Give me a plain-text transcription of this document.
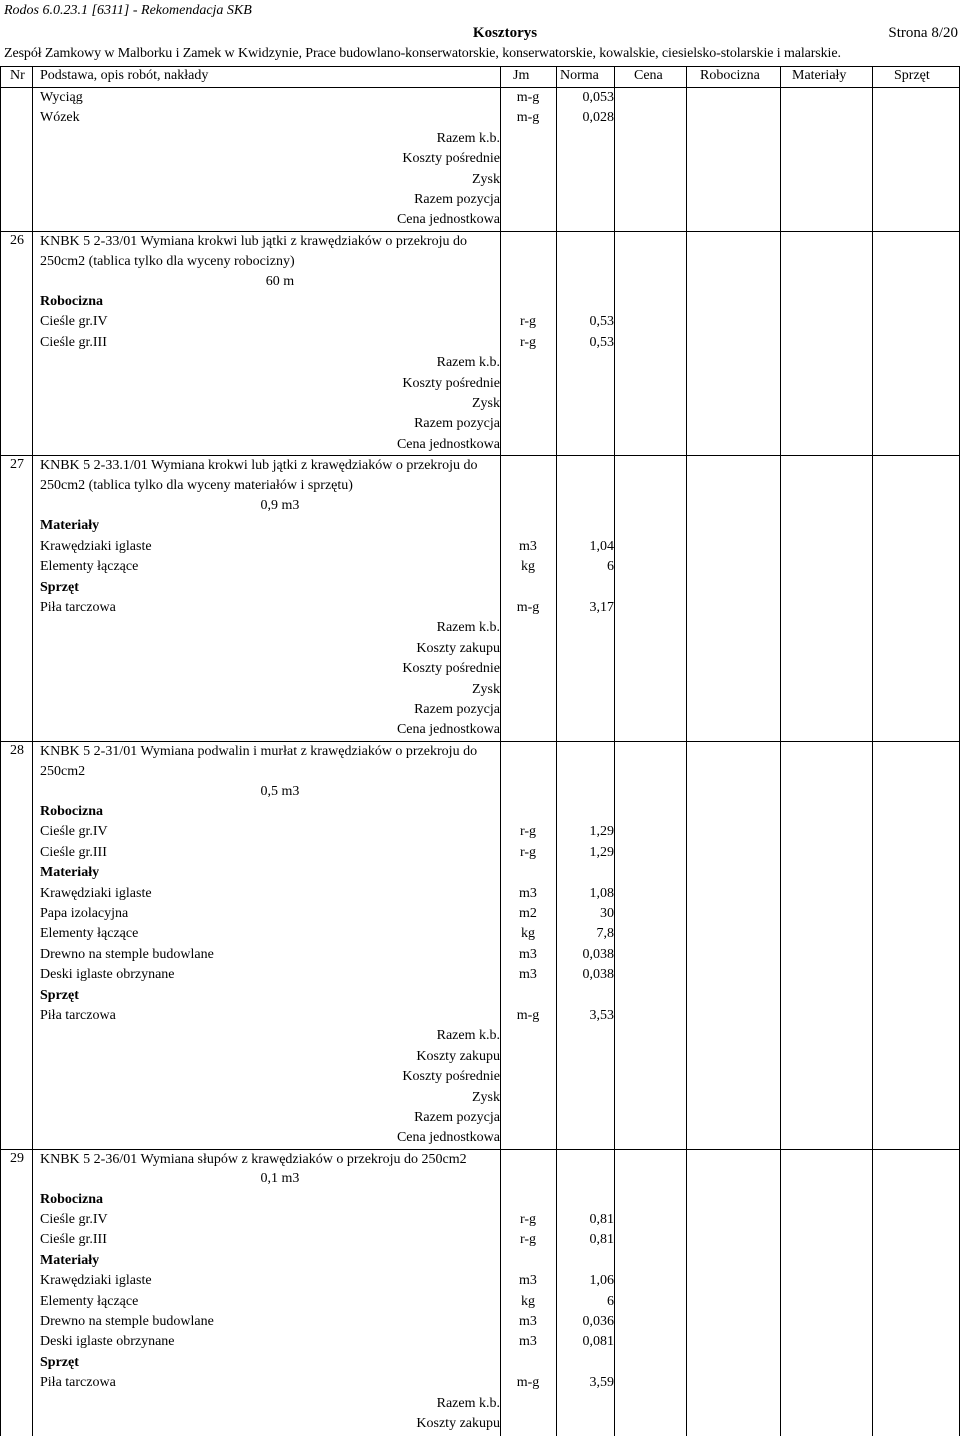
Rodos 6.0.23.1 [6311] - Rekomendacja SKB
Kosztorys	Strona 8/20
Zespół Zamkowy w Malborku i Zamek w Kwidzynie, Prace budowlano-konserwatorskie, konserwatorskie, kowalskie, ciesielsko-stolarskie i malarskie.
Nr Podstawa, opis robót, nakłady	Jm Norma	Cena	Robocizna Materiały	Sprzęt
Wyciąg	m-g	0,053
Wózek	m-g	0,028
Razem k.b.
Koszty pośrednie
Zysk
Razem pozycja
Cena jednostkowa
26 KNBK 5 2-33/01 Wymiana krokwi lub jątki z krawędziaków o przekroju do 250cm2 (tablica tylko dla wyceny robocizny)
60 m
Robocizna
Cieśle gr.IV	r-g	0,53
Cieśle gr.III	r-g	0,53
Razem k.b.
Koszty pośrednie
Zysk
Razem pozycja
Cena jednostkowa
27 KNBK 5 2-33.1/01 Wymiana krokwi lub jątki z krawędziaków o przekroju do 250cm2 (tablica tylko dla wyceny materiałów i sprzętu)
0,9 m3
Materiały
Krawędziaki iglaste	m3	1,04
Elementy łączące	kg	6
Sprzęt
Piła tarczowa	m-g	3,17
Razem k.b.
Koszty zakupu
Koszty pośrednie
Zysk
Razem pozycja
Cena jednostkowa
28 KNBK 5 2-31/01 Wymiana podwalin i murłat z krawędziaków o przekroju do 250cm2
0,5 m3
Robocizna
Cieśle gr.IV	r-g	1,29
Cieśle gr.III	r-g	1,29
Materiały
Krawędziaki iglaste	m3	1,08
Papa izolacyjna	m2	30
Elementy łączące	kg	7,8
Drewno na stemple budowlane	m3	0,038
Deski iglaste obrzynane	m3	0,038
Sprzęt
Piła tarczowa	m-g	3,53
Razem k.b.
Koszty zakupu
Koszty pośrednie
Zysk
Razem pozycja
Cena jednostkowa
29 KNBK 5 2-36/01 Wymiana słupów z krawędziaków o przekroju do 250cm2
0,1 m3
Robocizna
Cieśle gr.IV	r-g	0,81
Cieśle gr.III	r-g	0,81
Materiały
Krawędziaki iglaste	m3	1,06
Elementy łączące	kg	6
Drewno na stemple budowlane	m3	0,036
Deski iglaste obrzynane	m3	0,081
Sprzęt
Piła tarczowa	m-g	3,59
Razem k.b.
Koszty zakupu
